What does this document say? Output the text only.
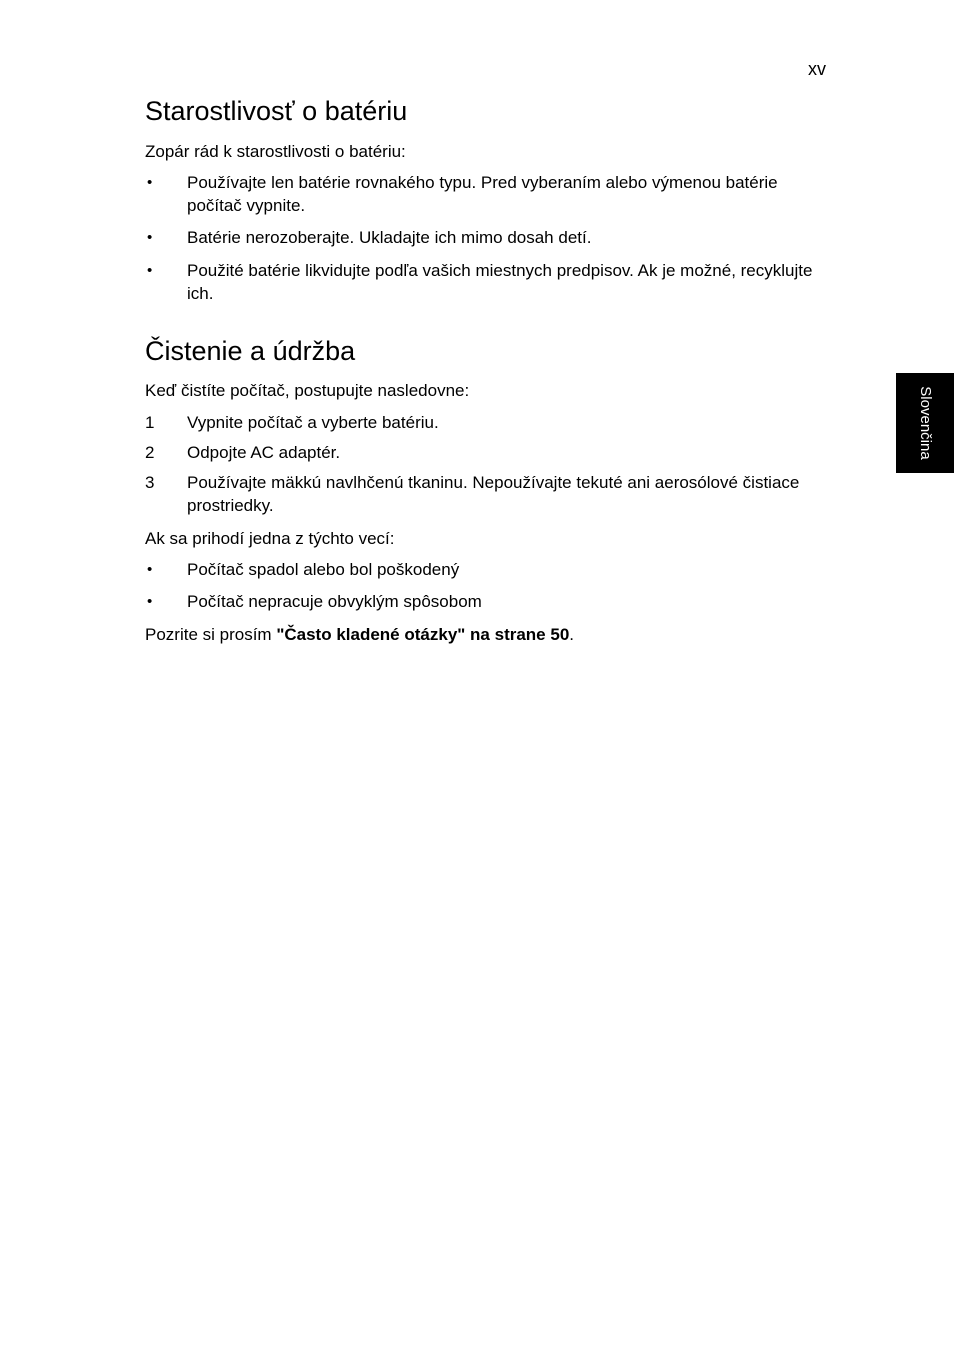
xv
Slovenčina
Starostlivosť o batériu

Zopár rád k starostlivosti o batériu:

•	Používajte len batérie rovnakého typu. Pred vyberaním alebo výmenou batérie počítač vypnite.
•	Batérie nerozoberajte. Ukladajte ich mimo dosah detí.
•	Použité batérie likvidujte podľa vašich miestnych predpisov. Ak je možné, recyklujte ich.
Čistenie a údržba

Keď čistíte počítač, postupujte nasledovne:

1	Vypnite počítač a vyberte batériu.
2	Odpojte AC adaptér.
3	Používajte mäkkú navlhčenú tkaninu. Nepoužívajte tekuté ani aerosólové čistiace prostriedky.

Ak sa prihodí jedna z týchto vecí:

•	Počítač spadol alebo bol poškodený
•	Počítač nepracuje obvyklým spôsobom

Pozrite si prosím "Často kladené otázky" na strane 50.
